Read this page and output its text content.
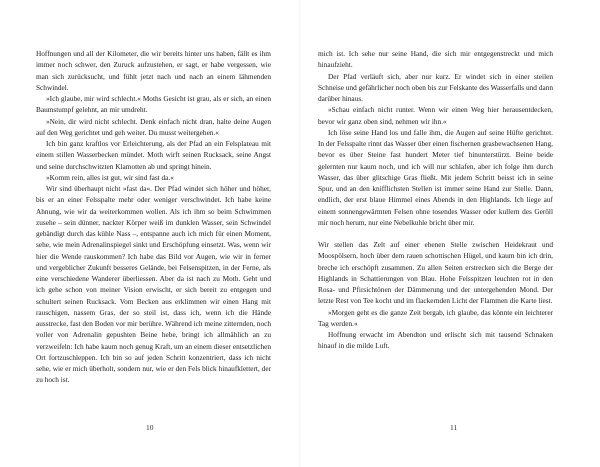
Hoffnungen und all der Kilometer, die wir bereits hinter uns haben, fällt es ihm immer noch schwer, den Zuruck aufzustehen, er sagt, er habe vergessen, wie man sich zurücksucht, und fühlt jetzt nach und nach an einem lähmenden Schwindel.

»Ich glaube, mir wird schlecht.« Moths Gesicht ist grau, als er sich, an einen Baumstumpf gelehnt, an mir umdreht.

»Nein, dir wird nicht schlecht. Denk einfach nicht dran, halte deine Augen auf den Weg gerichtet und geh weiter. Du musst weitergehen.«

Ich bin ganz kraftlos vor Erleichterung, als der Pfad an ein Felsplateau mit einem stillen Wasserbecken mündet. Moth wirft seinen Rucksack, seine Angst und seine durchschwitzten Klamotten ab und springt hinein.

»Komm rein, alles ist gut, wir sind fast da.«

Wir sind überhaupt nicht »fast da«. Der Pfad windet sich höher und höher, bis er an einer Felsspalte mehr oder weniger verschwindet. Ich habe keine Ahnung, wie wir da weiterkommen wollen. Als ich ihm so beim Schwimmen zusehe – sein dünner, nackter Körper weiß im dunklen Wasser, sein Schwindel gebändigt durch das kühle Nass –, entspanne auch ich mich für einen Moment, sehe, wie mein Adrenalinspiegel sinkt und Erschöpfung einsetzt. Was, wenn wir hier die Wende rauskommen? Ich habe das Bild vor Augen, wie wir in ferner und vergeblicher Zukunft besseres Gelände, bei Felsenspitzen, in der Ferne, als eine verschiedene Wanderer überliessen. Aber da ist nach zu Moth. Geht und ich gehe schon von meiner Vision erwischt, er sich bereit zu entgegen und schultert seinen Rucksack. Vom Becken aus erklimmen wir einen Hang mit rauschigen, nassem Gras, der so steil ist, dass ich, wenn ich die Hände ausstrecke, fast den Boden vor mir berühre. Während ich meine zitternden, noch voller von Adrenalin gepushten Beine hebe, bringt ich allmählich an zu verzweifeln: Ich habe kaum noch genug Kraft, um an einem dieser entsetzlichen Ort fortzuschleppen. Ich bin so auf jeden Schritt konzentriert, dass ich nicht sehe, wie er mich überholt, sondern nur, wie er den Fels blick hinaufklettert, der zu hoch ist.

mich ist. Ich sehe nur seine Hand, die sich mir entgegenstreckt und mich hinaufzieht.

Der Pfad verläuft sich, aber nur kurz. Er windet sich in einer steilen Schneise und gefährlicher noch oben bis zur Felskante des Wasserfalls und dann darüber hinaus.

»Schau einfach nicht runter. Wenn wir einen Weg hier herausentdecken, bevor wir ganz oben sind, nehmen wir ihn.«

Ich löse seine Hand los und falle ihm, die Augen auf seine Hüfte gerichtet. In der Felsspalte rinnt das Wasser über einen fischernen grasbewachsenen Hang, bevor es über Steine fast hundert Meter tief hinunterstürzt. Beine beide gelernten nur kaum noch, und ich will nur schlafen, aber ich folge ihm durch Wasser, das über glitschige Gras fließt. Mit jedem Schritt beisst ich in seine Spur, und an den knifflichsten Stellen ist immer seine Hand zur Stelle. Dann, endlich, der erst blaue Himmel eines Abends in den Highlands. Ich liege auf einem sonnengewärmten Felsen ohne tosendes Wasser oder kullern des Geröll mir noch herum, nur eine Nebelkuhle bricht über mir.

Wir stellen das Zelt auf einer ebenen Stelle zwischen Heidekraut und Moospölsern, hoch über dem rauen schottischen Hügel, und kaum bin ich drin, breche ich erschöpft zusammen. Zu allen Seiten erstrecken sich die Berge der Highlands in Schattierungen von Blau. Hohe Felsspitzen leuchten rot in den Rosa- und Pfirsichtönen der Dämmerung und der untergehenden Mond. Der letzte Rest von Tee kocht und im flackernden Licht der Flammen die Karte liest.

»Morgen geht es die ganze Zeit bergab, ich glaube, das könnte ein leichterer Tag werden.«

Hoffnung erwacht im Abendton und erlischt sich mit tausend Schnaken hinauf in die milde Luft.

10	11
